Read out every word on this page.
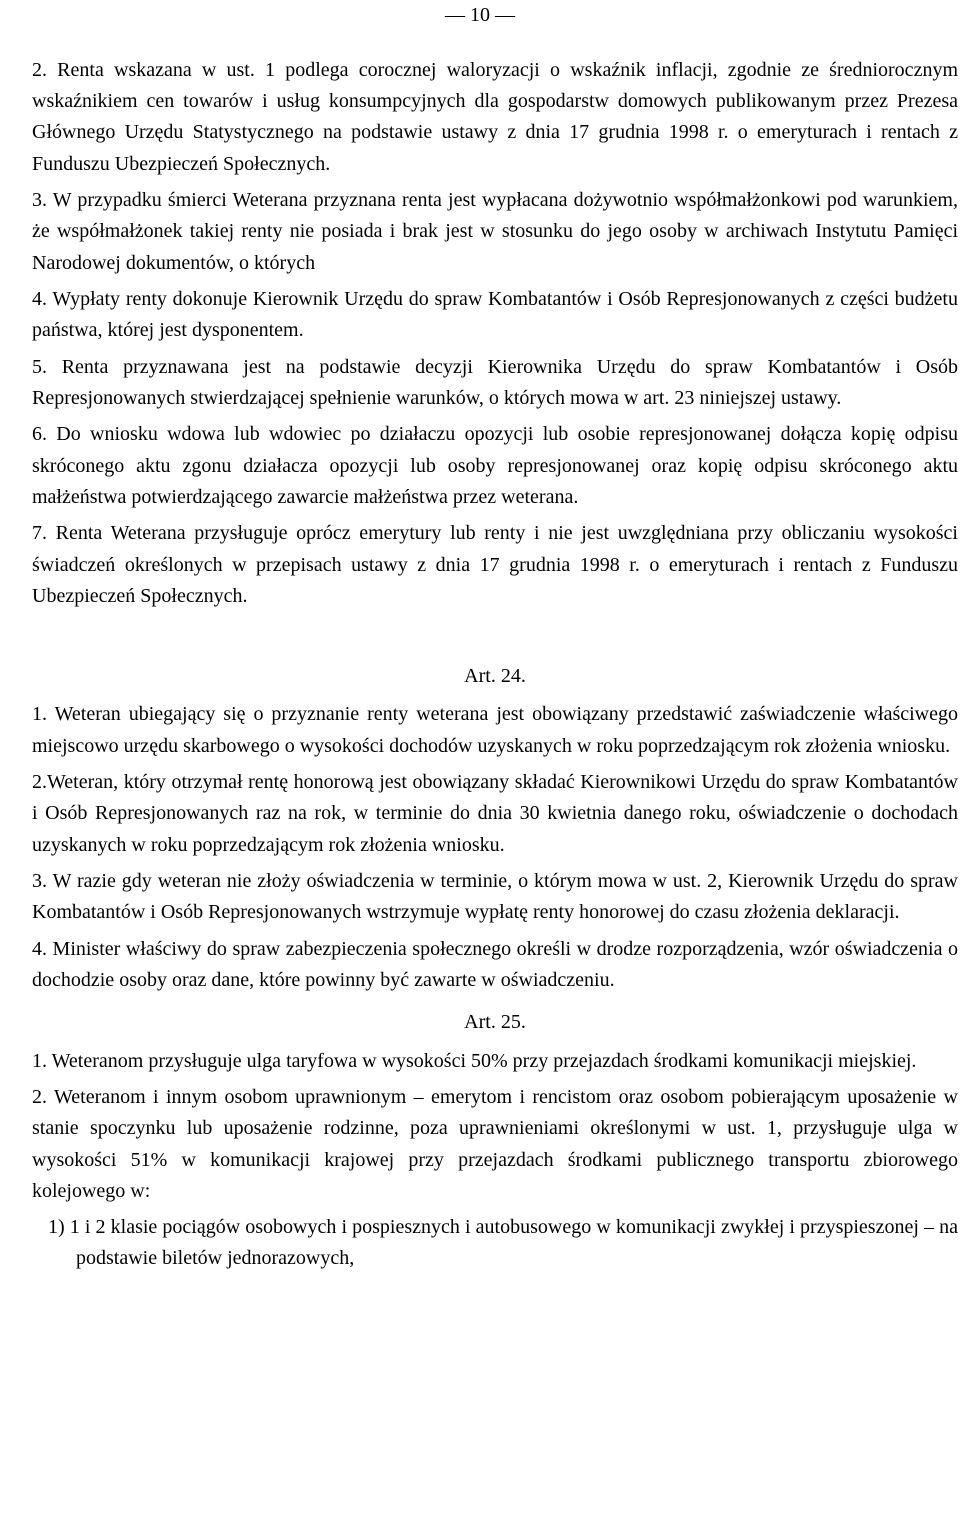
— 10 —

2. Renta wskazana w ust. 1 podlega corocznej waloryzacji o wskaźnik inflacji, zgodnie ze średniorocznym wskaźnikiem cen towarów i usług konsumpcyjnych dla gospodarstw domowych publikowanym przez Prezesa Głównego Urzędu Statystycznego na podstawie ustawy z dnia 17 grudnia 1998 r. o emeryturach i rentach z Funduszu Ubezpieczeń Społecznych.

3. W przypadku śmierci Weterana przyznana renta jest wypłacana dożywotnio współmałżonkowi pod warunkiem, że współmałżonek takiej renty nie posiada i brak jest w stosunku do jego osoby w archiwach Instytutu Pamięci Narodowej dokumentów, o których

4. Wypłaty renty dokonuje Kierownik Urzędu do spraw Kombatantów i Osób Represjonowanych z części budżetu państwa, której jest dysponentem.

5. Renta przyznawana jest na podstawie decyzji Kierownika Urzędu do spraw Kombatantów i Osób Represjonowanych stwierdzającej spełnienie warunków, o których mowa w art. 23 niniejszej ustawy.

6. Do wniosku wdowa lub wdowiec po działaczu opozycji lub osobie represjonowanej dołącza kopię odpisu skróconego aktu zgonu działacza opozycji lub osoby represjonowanej oraz kopię odpisu skróconego aktu małżeństwa potwierdzającego zawarcie małżeństwa przez weterana.

7. Renta Weterana przysługuje oprócz emerytury lub renty i nie jest uwzględniana przy obliczaniu wysokości świadczeń określonych w przepisach ustawy z dnia 17 grudnia 1998 r. o emeryturach i rentach z Funduszu Ubezpieczeń Społecznych.

Art. 24.

1. Weteran ubiegający się o przyznanie renty weterana jest obowiązany przedstawić zaświadczenie właściwego miejscowo urzędu skarbowego o wysokości dochodów uzyskanych w roku poprzedzającym rok złożenia wniosku.

2.Weteran, który otrzymał rentę honorową jest obowiązany składać Kierownikowi Urzędu do spraw Kombatantów i Osób Represjonowanych raz na rok, w terminie do dnia 30 kwietnia danego roku, oświadczenie o dochodach uzyskanych w roku poprzedzającym rok złożenia wniosku.

3. W razie gdy weteran nie złoży oświadczenia w terminie, o którym mowa w ust. 2, Kierownik Urzędu do spraw Kombatantów i Osób Represjonowanych wstrzymuje wypłatę renty honorowej do czasu złożenia deklaracji.

4. Minister właściwy do spraw zabezpieczenia społecznego określi w drodze rozporządzenia, wzór oświadczenia o dochodzie osoby oraz dane, które powinny być zawarte w oświadczeniu.

Art. 25.

1. Weteranom przysługuje ulga taryfowa w wysokości 50% przy przejazdach środkami komunikacji miejskiej.

2. Weteranom i innym osobom uprawnionym – emerytom i rencistom oraz osobom pobierającym uposażenie w stanie spoczynku lub uposażenie rodzinne, poza uprawnieniami określonymi w ust. 1, przysługuje ulga w wysokości 51% w komunikacji krajowej przy przejazdach środkami publicznego transportu zbiorowego kolejowego w:

1) 1 i 2 klasie pociągów osobowych i pospiesznych i autobusowego w komunikacji zwykłej i przyspieszonej – na podstawie biletów jednorazowych,
